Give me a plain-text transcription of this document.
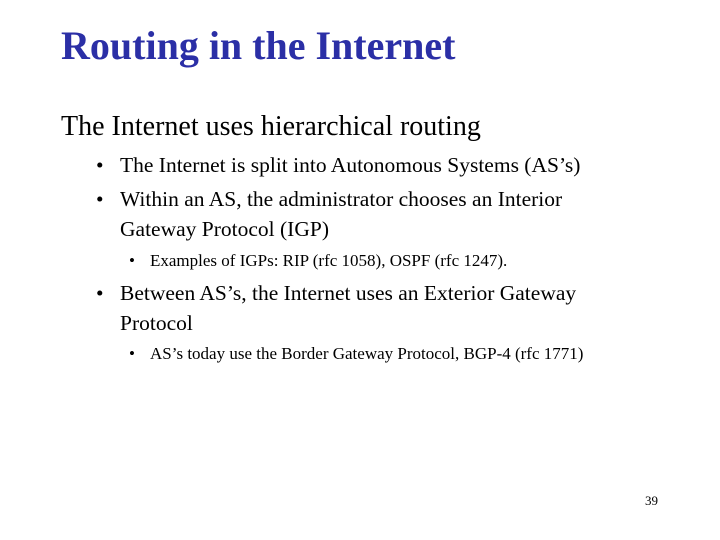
Routing in the Internet
The Internet uses hierarchical routing
• The Internet is split into Autonomous Systems (AS’s)
• Within an AS, the administrator chooses an Interior Gateway Protocol (IGP)
• Examples of IGPs: RIP (rfc 1058), OSPF (rfc 1247).
• Between AS’s, the Internet uses an Exterior Gateway Protocol
• AS’s today use the Border Gateway Protocol, BGP-4 (rfc 1771)
39
